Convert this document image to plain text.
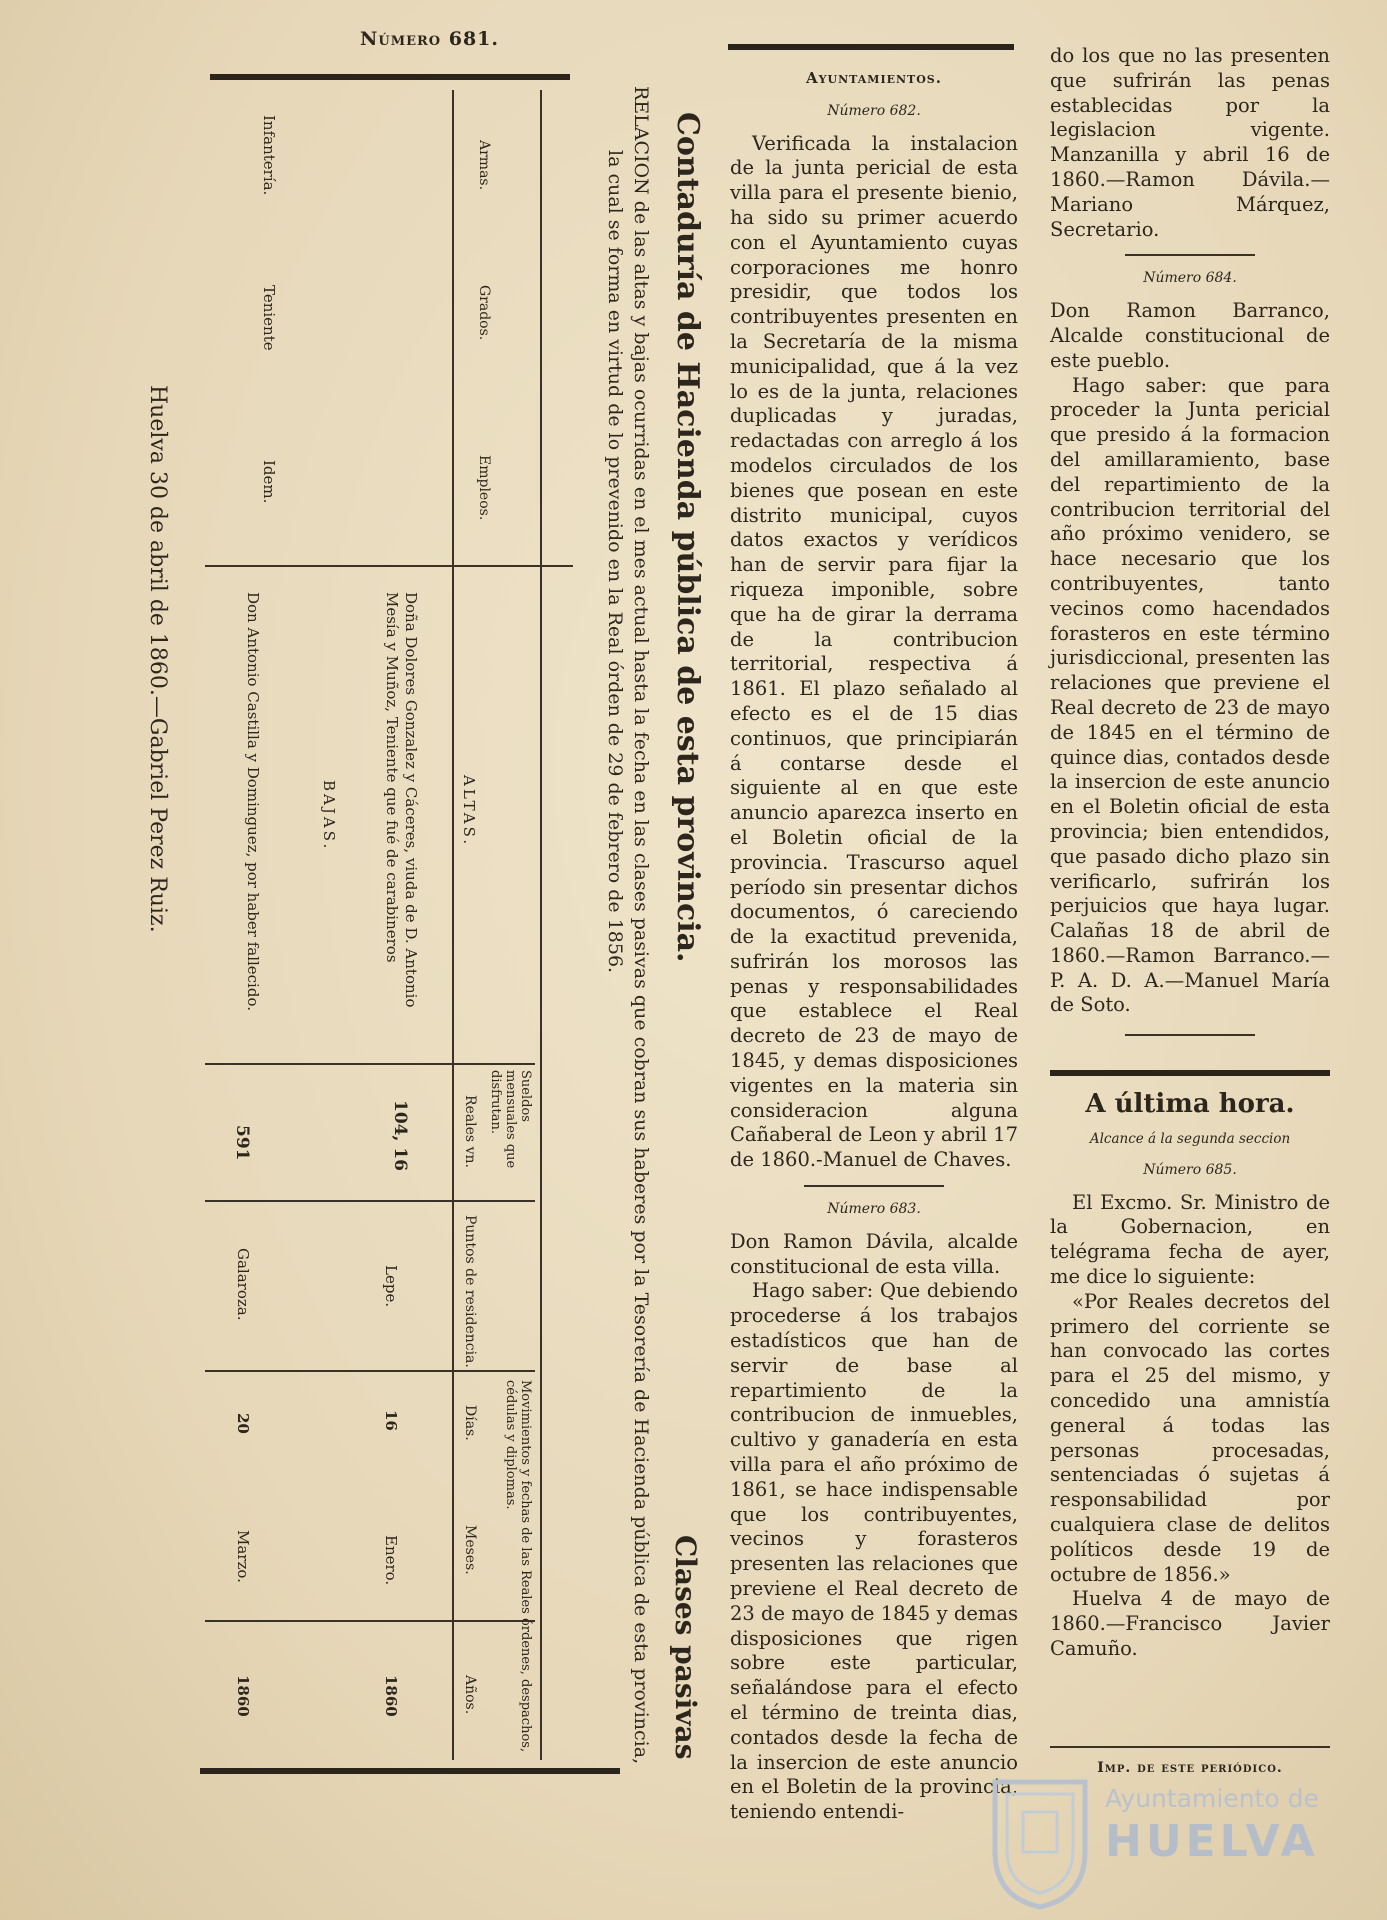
Número 681.
Contaduría de Hacienda pública de esta provincia.
RELACION de las altas y bajas ocurridas en el mes actual hasta la fecha en las clases pasivas que cobran sus haberes por la Tesorería de Hacienda pública de esta provincia,
la cual se forma en virtud de lo prevenido en la Real órden de 29 de febrero de 1856.
Clases pasivas
Armas.
Grados.
Empleos.
Sueldos mensuales que disfrutan.
Reales vn.
Puntos de residencia.
Movimientos y fechas de las Reales órdenes, despachos, cédulas y diplomas.
Días.
Meses.
Años.
Infantería.
Teniente
Idem.
ALTAS.
Doña Dolores Gonzalez y Cáceres, viuda de D. Antonio Mesía y Muñoz, Teniente que fué de carabineros
BAJAS.
Don Antonio Castilla y Dominguez, por haber fallecido.
104, 16
Lepe.
16
Enero.
1860
591
Galaroza.
20
Marzo.
1860
Huelva 30 de abril de 1860.—Gabriel Perez Ruiz.
Ayuntamientos.
Número 682.

Verificada la instalacion de la junta pericial de esta villa para el presente bienio, ha sido su primer acuerdo con el Ayuntamiento cuyas corporaciones me honro presidir, que todos los contribuyentes presenten en la Secretaría de la misma municipalidad, que á la vez lo es de la junta, relaciones duplicadas y juradas, redactadas con arreglo á los modelos circulados de los bienes que posean en este distrito municipal, cuyos datos exactos y verídicos han de servir para fijar la riqueza imponible, sobre que ha de girar la derrama de la contribucion territorial, respectiva á 1861. El plazo señalado al efecto es el de 15 dias continuos, que principiarán á contarse desde el siguiente al en que este anuncio aparezca inserto en el Boletin oficial de la provincia. Trascurso aquel período sin presentar dichos documentos, ó careciendo de la exactitud prevenida, sufrirán los morosos las penas y responsabilidades que establece el Real decreto de 23 de mayo de 1845, y demas disposiciones vigentes en la materia sin consideracion alguna Cañaberal de Leon y abril 17 de 1860.-Manuel de Chaves.

Número 683.

Don Ramon Dávila, alcalde constitucional de esta villa.

Hago saber: Que debiendo procederse á los trabajos estadísticos que han de servir de base al repartimiento de la contribucion de inmuebles, cultivo y ganadería en esta villa para el año próximo de 1861, se hace indispensable que los contribuyentes, vecinos y forasteros presenten las relaciones que previene el Real decreto de 23 de mayo de 1845 y demas disposiciones que rigen sobre este particular, señalándose para el efecto el término de treinta dias, contados desde la fecha de la insercion de este anuncio en el Boletin de la provincia, teniendo entendi-

do los que no las presenten que sufrirán las penas establecidas por la legislacion vigente. Manzanilla y abril 16 de 1860.—Ramon Dávila.—Mariano Márquez, Secretario.

Número 684.

Don Ramon Barranco, Alcalde constitucional de este pueblo.

Hago saber: que para proceder la Junta pericial que presido á la formacion del amillaramiento, base del repartimiento de la contribucion territorial del año próximo venidero, se hace necesario que los contribuyentes, tanto vecinos como hacendados forasteros en este término jurisdiccional, presenten las relaciones que previene el Real decreto de 23 de mayo de 1845 en el término de quince dias, contados desde la insercion de este anuncio en el Boletin oficial de esta provincia; bien entendidos, que pasado dicho plazo sin verificarlo, sufrirán los perjuicios que haya lugar. Calañas 18 de abril de 1860.—Ramon Barranco.—P. A. D. A.—Manuel María de Soto.

A última hora.
Alcance á la segunda seccion
Número 685.

El Excmo. Sr. Ministro de la Gobernacion, en telégrama fecha de ayer, me dice lo siguiente:

«Por Reales decretos del primero del corriente se han convocado las cortes para el 25 del mismo, y concedido una amnistía general á todas las personas procesadas, sentenciadas ó sujetas á responsabilidad por cualquiera clase de delitos políticos desde 19 de octubre de 1856.»

Huelva 4 de mayo de 1860.—Francisco Javier Camuño.

Imp. de este periódico.
Ayuntamiento de
HUELVA
